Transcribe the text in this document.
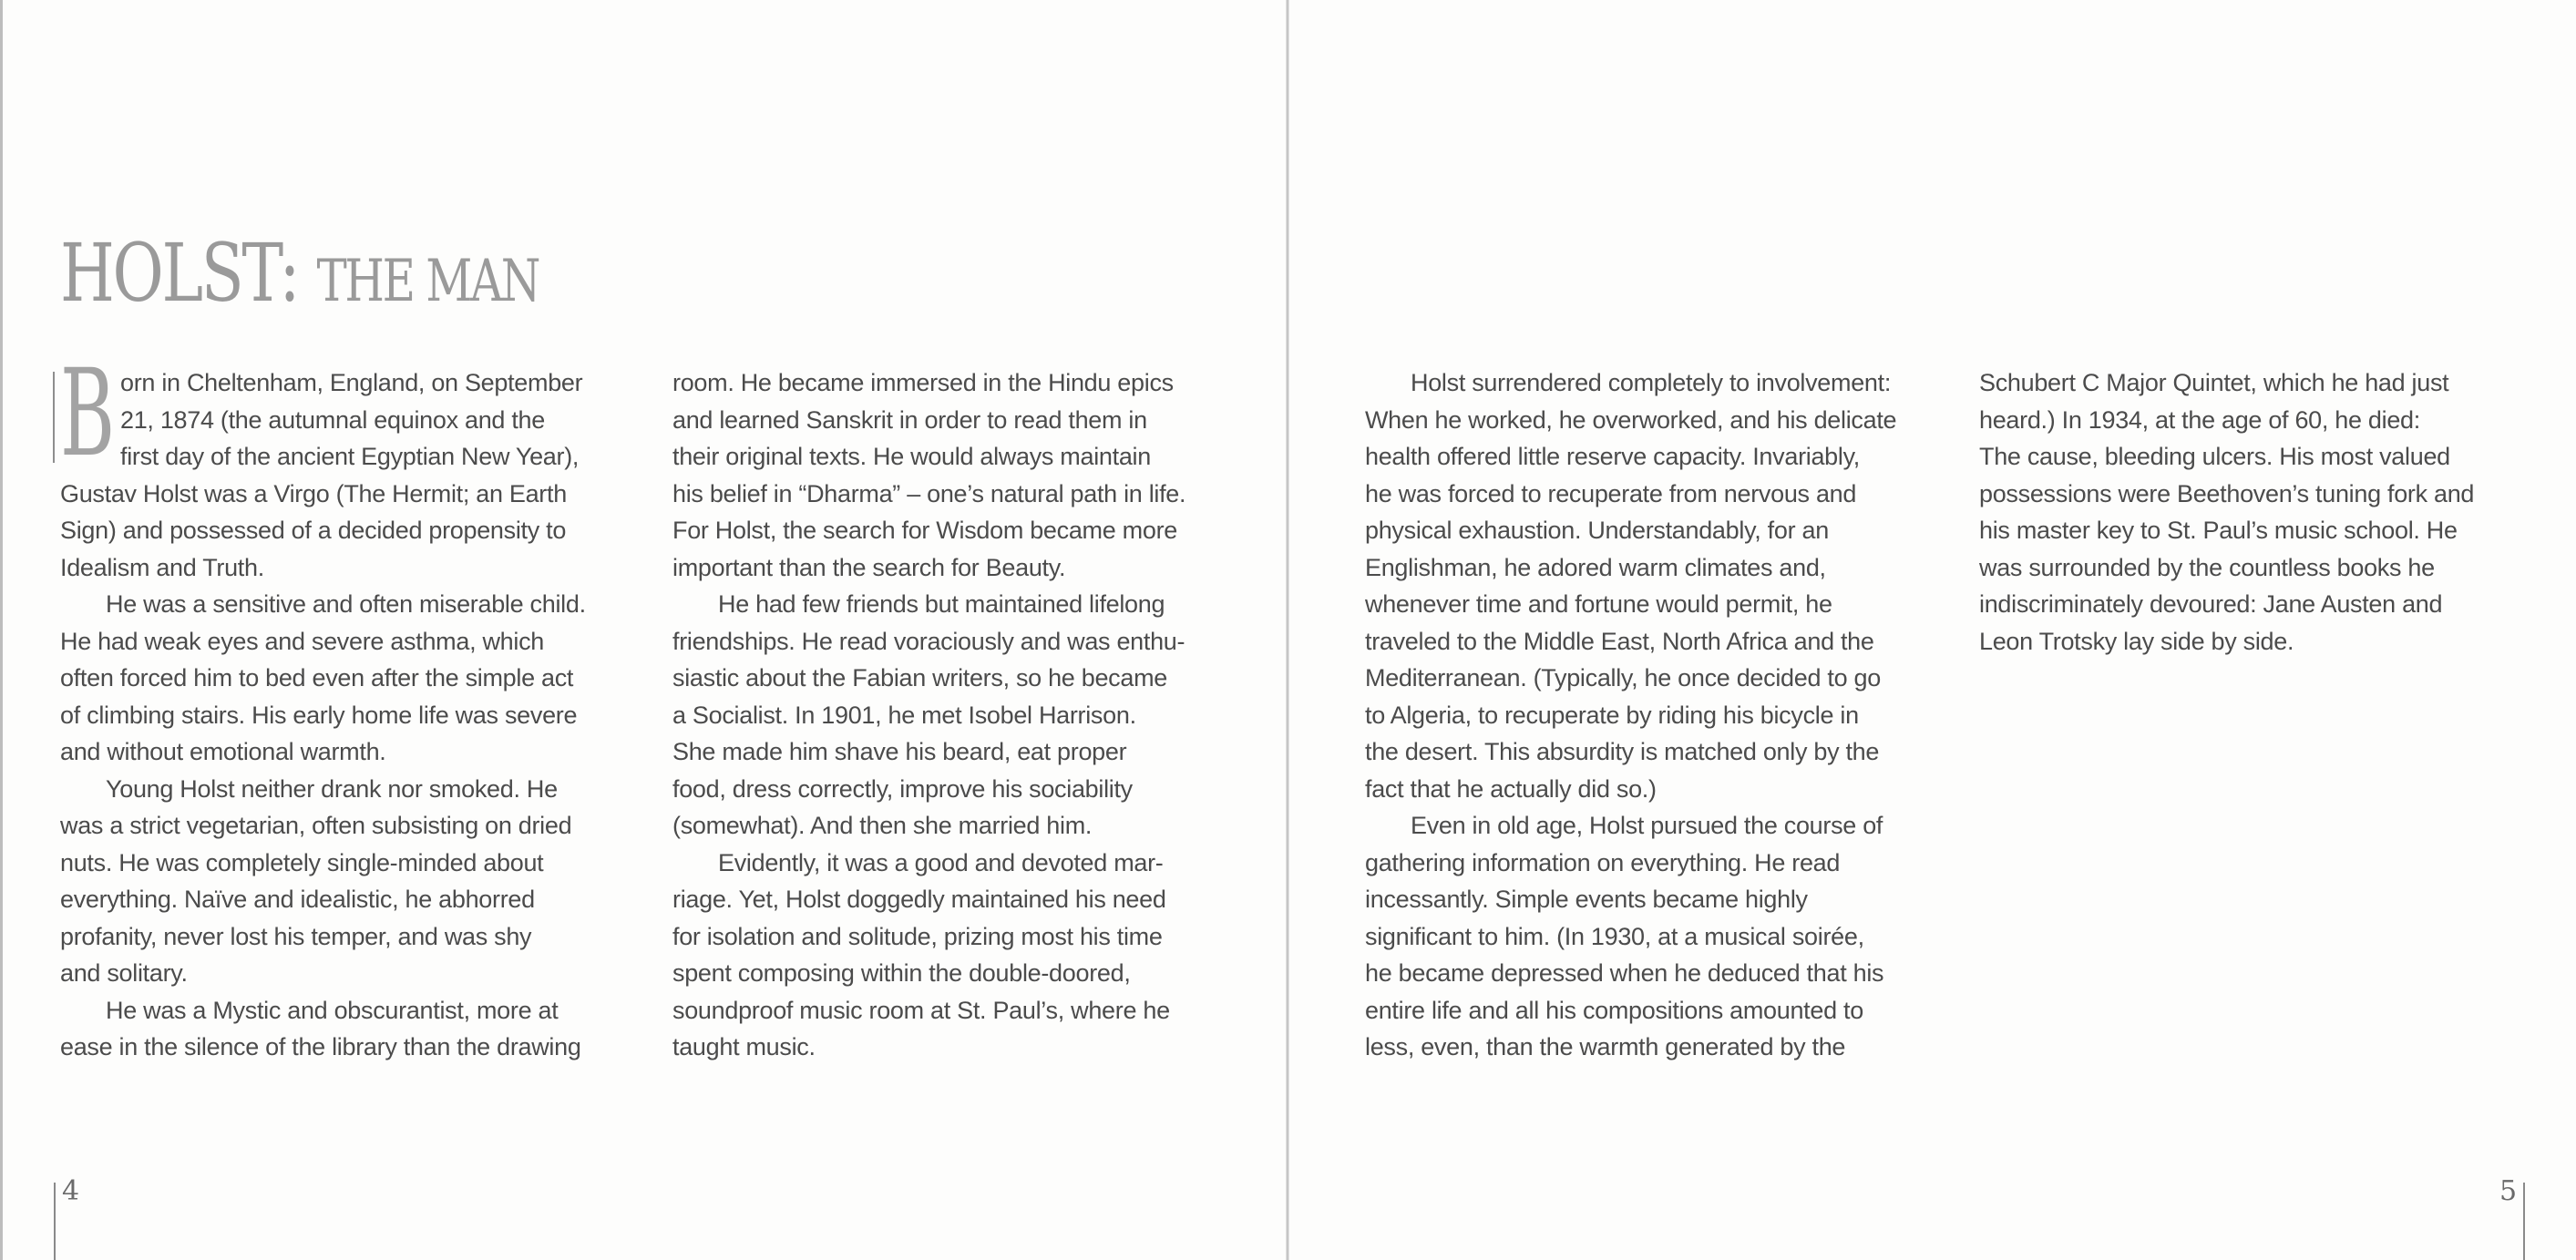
HOLST: THE MAN
B orn in Cheltenham, England, on September
21, 1874 (the autumnal equinox and the
first day of the ancient Egyptian New Year),
Gustav Holst was a Virgo (The Hermit; an Earth
Sign) and possessed of a decided propensity to
Idealism and Truth.
He was a sensitive and often miserable child.
He had weak eyes and severe asthma, which
often forced him to bed even after the simple act
of climbing stairs. His early home life was severe
and without emotional warmth.
Young Holst neither drank nor smoked. He
was a strict vegetarian, often subsisting on dried
nuts. He was completely single-minded about
everything. Naïve and idealistic, he abhorred
profanity, never lost his temper, and was shy
and solitary.
He was a Mystic and obscurantist, more at
ease in the silence of the library than the drawing
room. He became immersed in the Hindu epics
and learned Sanskrit in order to read them in
their original texts. He would always maintain
his belief in “Dharma” – one’s natural path in life.
For Holst, the search for Wisdom became more
important than the search for Beauty.
He had few friends but maintained lifelong
friendships. He read voraciously and was enthu-
siastic about the Fabian writers, so he became
a Socialist. In 1901, he met Isobel Harrison.
She made him shave his beard, eat proper
food, dress correctly, improve his sociability
(somewhat). And then she married him.
Evidently, it was a good and devoted mar-
riage. Yet, Holst doggedly maintained his need
for isolation and solitude, prizing most his time
spent composing within the double-doored,
soundproof music room at St. Paul’s, where he
taught music.
Holst surrendered completely to involvement:
When he worked, he overworked, and his delicate
health offered little reserve capacity. Invariably,
he was forced to recuperate from nervous and
physical exhaustion. Understandably, for an
Englishman, he adored warm climates and,
whenever time and fortune would permit, he
traveled to the Middle East, North Africa and the
Mediterranean. (Typically, he once decided to go
to Algeria, to recuperate by riding his bicycle in
the desert. This absurdity is matched only by the
fact that he actually did so.)
Even in old age, Holst pursued the course of
gathering information on everything. He read
incessantly. Simple events became highly
significant to him. (In 1930, at a musical soirée,
he became depressed when he deduced that his
entire life and all his compositions amounted to
less, even, than the warmth generated by the
Schubert C Major Quintet, which he had just
heard.) In 1934, at the age of 60, he died:
The cause, bleeding ulcers. His most valued
possessions were Beethoven’s tuning fork and
his master key to St. Paul’s music school. He
was surrounded by the countless books he
indiscriminately devoured: Jane Austen and
Leon Trotsky lay side by side.
4	5
